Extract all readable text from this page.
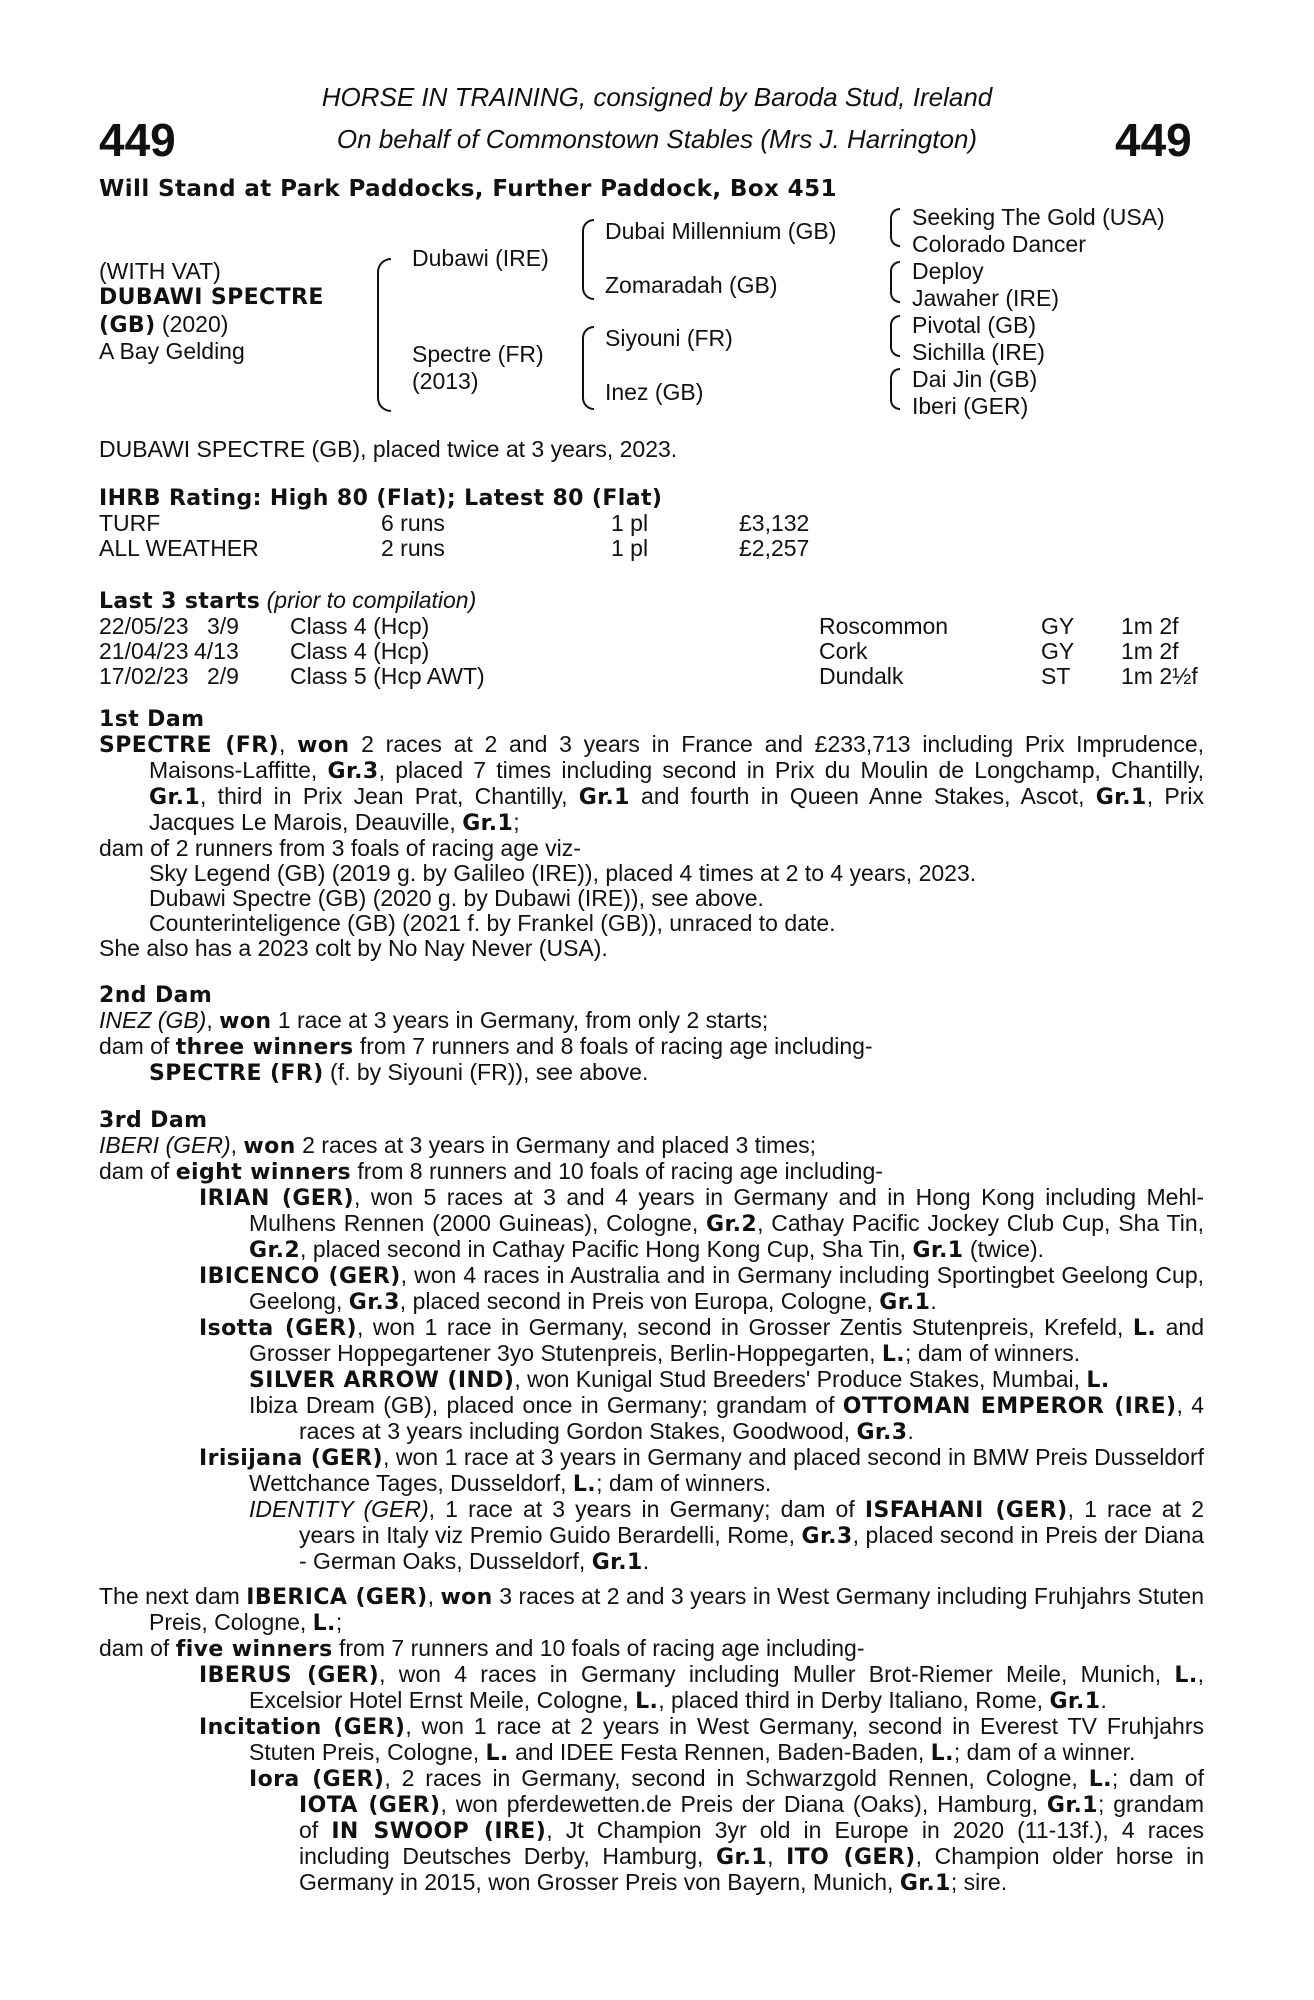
449	449
HORSE IN TRAINING, consigned by Baroda Stud, Ireland
On behalf of Commonstown Stables (Mrs J. Harrington)
Will Stand at Park Paddocks, Further Paddock, Box 451
(WITH VAT)
DUBAWI SPECTRE
(GB) (2020)
A Bay Gelding
Dubawi (IRE)
Spectre (FR)
(2013)
Dubai Millennium (GB)
Zomaradah (GB)
Siyouni (FR)
Inez (GB)
Seeking The Gold (USA)
Colorado Dancer
Deploy
Jawaher (IRE)
Pivotal (GB)
Sichilla (IRE)
Dai Jin (GB)
Iberi (GER)
DUBAWI SPECTRE (GB), placed twice at 3 years, 2023.
IHRB Rating: High 80 (Flat); Latest 80 (Flat)
TURF	6 runs	1 pl	£3,132
ALL WEATHER	2 runs	1 pl	£2,257
Last 3 starts (prior to compilation)
22/05/23 3/9 Class 4 (Hcp)	Roscommon	GY 1m 2f
21/04/23 4/13 Class 4 (Hcp)	Cork	GY 1m 2f
17/02/23 2/9 Class 5 (Hcp AWT)	Dundalk	ST 1m 2½f
1st Dam
SPECTRE (FR), won 2 races at 2 and 3 years in France and £233,713 including Prix Imprudence, Maisons-Laffitte, Gr.3, placed 7 times including second in Prix du Moulin de Longchamp, Chantilly, Gr.1, third in Prix Jean Prat, Chantilly, Gr.1 and fourth in Queen Anne Stakes, Ascot, Gr.1, Prix Jacques Le Marois, Deauville, Gr.1;
dam of 2 runners from 3 foals of racing age viz-
Sky Legend (GB) (2019 g. by Galileo (IRE)), placed 4 times at 2 to 4 years, 2023.
Dubawi Spectre (GB) (2020 g. by Dubawi (IRE)), see above.
Counterinteligence (GB) (2021 f. by Frankel (GB)), unraced to date.
She also has a 2023 colt by No Nay Never (USA).
2nd Dam
INEZ (GB), won 1 race at 3 years in Germany, from only 2 starts;
dam of three winners from 7 runners and 8 foals of racing age including-
SPECTRE (FR) (f. by Siyouni (FR)), see above.
3rd Dam
IBERI (GER), won 2 races at 3 years in Germany and placed 3 times;
dam of eight winners from 8 runners and 10 foals of racing age including-
IRIAN (GER), won 5 races at 3 and 4 years in Germany and in Hong Kong including Mehl-Mulhens Rennen (2000 Guineas), Cologne, Gr.2, Cathay Pacific Jockey Club Cup, Sha Tin, Gr.2, placed second in Cathay Pacific Hong Kong Cup, Sha Tin, Gr.1 (twice).
IBICENCO (GER), won 4 races in Australia and in Germany including Sportingbet Geelong Cup, Geelong, Gr.3, placed second in Preis von Europa, Cologne, Gr.1.
Isotta (GER), won 1 race in Germany, second in Grosser Zentis Stutenpreis, Krefeld, L. and Grosser Hoppegartener 3yo Stutenpreis, Berlin-Hoppegarten, L.; dam of winners.
SILVER ARROW (IND), won Kunigal Stud Breeders' Produce Stakes, Mumbai, L.
Ibiza Dream (GB), placed once in Germany; grandam of OTTOMAN EMPEROR (IRE), 4 races at 3 years including Gordon Stakes, Goodwood, Gr.3.
Irisijana (GER), won 1 race at 3 years in Germany and placed second in BMW Preis Dusseldorf Wettchance Tages, Dusseldorf, L.; dam of winners.
IDENTITY (GER), 1 race at 3 years in Germany; dam of ISFAHANI (GER), 1 race at 2 years in Italy viz Premio Guido Berardelli, Rome, Gr.3, placed second in Preis der Diana - German Oaks, Dusseldorf, Gr.1.
The next dam IBERICA (GER), won 3 races at 2 and 3 years in West Germany including Fruhjahrs Stuten Preis, Cologne, L.;
dam of five winners from 7 runners and 10 foals of racing age including-
IBERUS (GER), won 4 races in Germany including Muller Brot-Riemer Meile, Munich, L., Excelsior Hotel Ernst Meile, Cologne, L., placed third in Derby Italiano, Rome, Gr.1.
Incitation (GER), won 1 race at 2 years in West Germany, second in Everest TV Fruhjahrs Stuten Preis, Cologne, L. and IDEE Festa Rennen, Baden-Baden, L.; dam of a winner.
Iora (GER), 2 races in Germany, second in Schwarzgold Rennen, Cologne, L.; dam of IOTA (GER), won pferdewetten.de Preis der Diana (Oaks), Hamburg, Gr.1; grandam of IN SWOOP (IRE), Jt Champion 3yr old in Europe in 2020 (11-13f.), 4 races including Deutsches Derby, Hamburg, Gr.1, ITO (GER), Champion older horse in Germany in 2015, won Grosser Preis von Bayern, Munich, Gr.1; sire.
